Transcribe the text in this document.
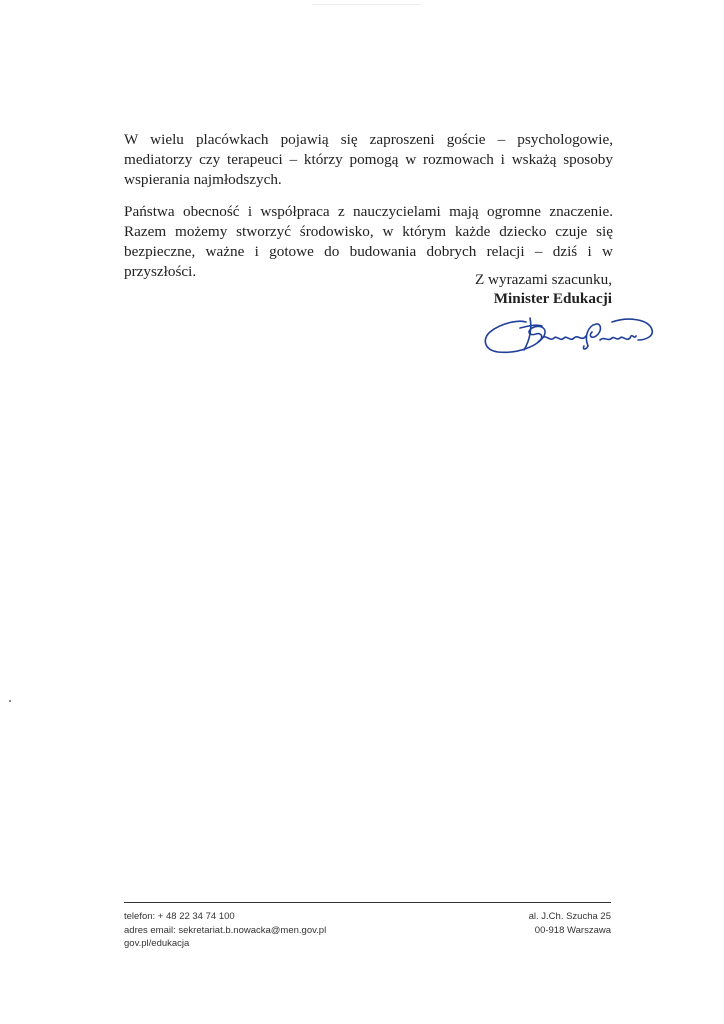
W wielu placówkach pojawią się zaproszeni goście – psychologowie, mediatorzy czy terapeuci – którzy pomogą w rozmowach i wskażą sposoby wspierania najmłodszych.

Państwa obecność i współpraca z nauczycielami mają ogromne znaczenie. Razem możemy stworzyć środowisko, w którym każde dziecko czuje się bezpieczne, ważne i gotowe do budowania dobrych relacji – dziś i w przyszłości.	Z wyrazami szacunku,
Minister Edukacji
telefon: + 48 22 34 74 100
adres email: sekretariat.b.nowacka@men.gov.pl
gov.pl/edukacja
al. J.Ch. Szucha 25
00-918 Warszawa
